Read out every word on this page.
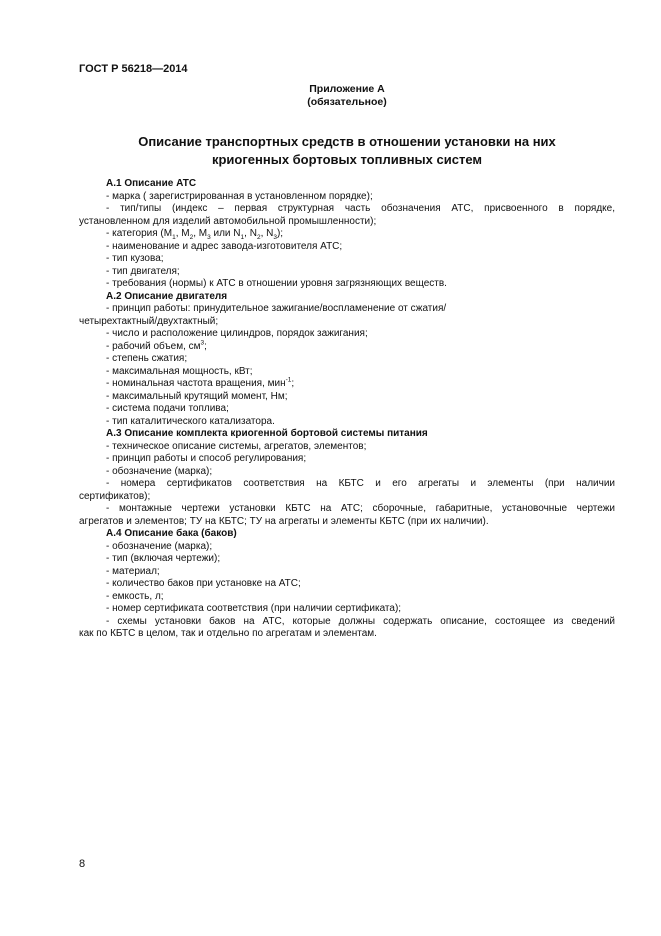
ГОСТ Р 56218—2014
Приложение А
(обязательное)
Описание транспортных средств в отношении установки на них
криогенных бортовых топливных систем
А.1 Описание АТС
- марка ( зарегистрированная в установленном порядке);
- тип/типы (индекс – первая структурная часть обозначения АТС, присвоенного в порядке,
установленном для изделий автомобильной промышленности);
- категория ($М_1$, $М_2$, $М_3$ или $N_1$, $N_2$, $N_3$);
- наименование и адрес завода-изготовителя АТС;
- тип кузова;
- тип двигателя;
- требования (нормы) к АТС в отношении уровня загрязняющих веществ.
А.2 Описание двигателя
- принцип работы: принудительное зажигание/воспламенение от сжатия/
четырехтактный/двухтактный;
- число и расположение цилиндров, порядок зажигания;
- рабочий объем, $см^3$;
- степень сжатия;
- максимальная мощность, кВт;
- номинальная частота вращения, мин$^{-1}$;
- максимальный крутящий момент, Нм;
- система подачи топлива;
- тип каталитического катализатора.
А.3 Описание комплекта криогенной бортовой системы питания
- техническое описание системы, агрегатов, элементов;
- принцип работы и способ регулирования;
- обозначение (марка);
- номера сертификатов соответствия на КБТС и его агрегаты и элементы (при наличии
сертификатов);
- монтажные чертежи установки КБТС на АТС; сборочные, габаритные, установочные чертежи
агрегатов и элементов; ТУ на КБТС; ТУ на агрегаты и элементы КБТС (при их наличии).
А.4 Описание бака (баков)
- обозначение (марка);
- тип (включая чертежи);
- материал;
- количество баков при установке на АТС;
- емкость, л;
- номер сертификата соответствия (при наличии сертификата);
- схемы установки баков на АТС, которые должны содержать описание, состоящее из сведений
как по КБТС в целом, так и отдельно по агрегатам и элементам.
8
